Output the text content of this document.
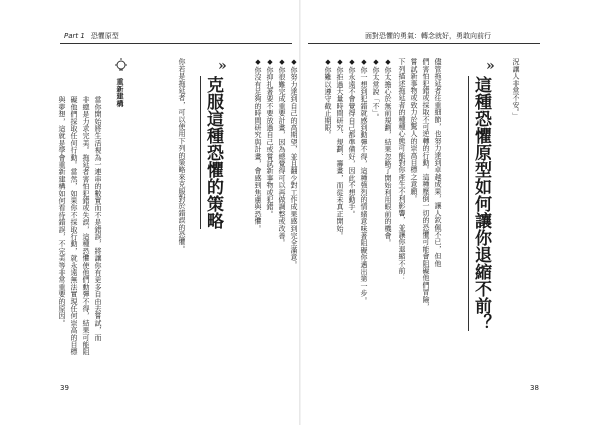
Part 1 恐懼原型
»
克服這種恐懼的策略
你若是拖延者，可以使用下列的策略來克服對於錯誤的恐懼。	◆你努力達到自己的高期望，並且翻少對工作成果感到完全滿意。
◆你很難完成重要計畫，因為總覺得可以再做調整或改善。
◆你抑扎著要不要放過自己或嘗試新事物或犯錯。
◆你沒有足夠的時間研究與計畫，會感到焦慮與恐懼。
重新建構
當你開始將生活視為一連串的數實而不是錯誤，將讓你有更多自由去嘗試，而
非總是力求完美。拖延者害怕犯錯或失誤，這種恐懼使他們動彈不得，結果可能阻
礙他們採取任何行動。當然，如果你不採取行動，就永遠無法實現任何崇高的目標
與夢想，這就是學會重新建構如何看待錯誤，不完美等非常重要的原因。
39
面對恐懼的勇氣：轉念就好，勇敢向前行
況讓人非常不安。」
»
這種恐懼原型如何讓你退縮不前？
儘管拖延者往重細節，也努力達到卓越成果，讓人欽佩不已，但他
們害怕犯錯或採取不可逆轉的行動。這種壓倒一切的恐懼可能會阻礙他們冒險，
嘗試新事物或致力於驚人的崇高目標之意願。
下列描述拖延者的種種心態可能對你產生不利影響，並讓你退縮不前：
◆你太擔心於無前規劃，結果忽略了開始利用眼前的機會。
◆你太常說「不」。
◆你一想到犯錯就感到動彈不得，這種強烈的情緒意味著阻礙你邁出第一步。
◆你永遠不會覺得自己都準備好，因此不想動手。
◆你拒過大量時間研究、規劃、籌畫，而從未真正開始。
◆你難以遵守截止期限。
38
